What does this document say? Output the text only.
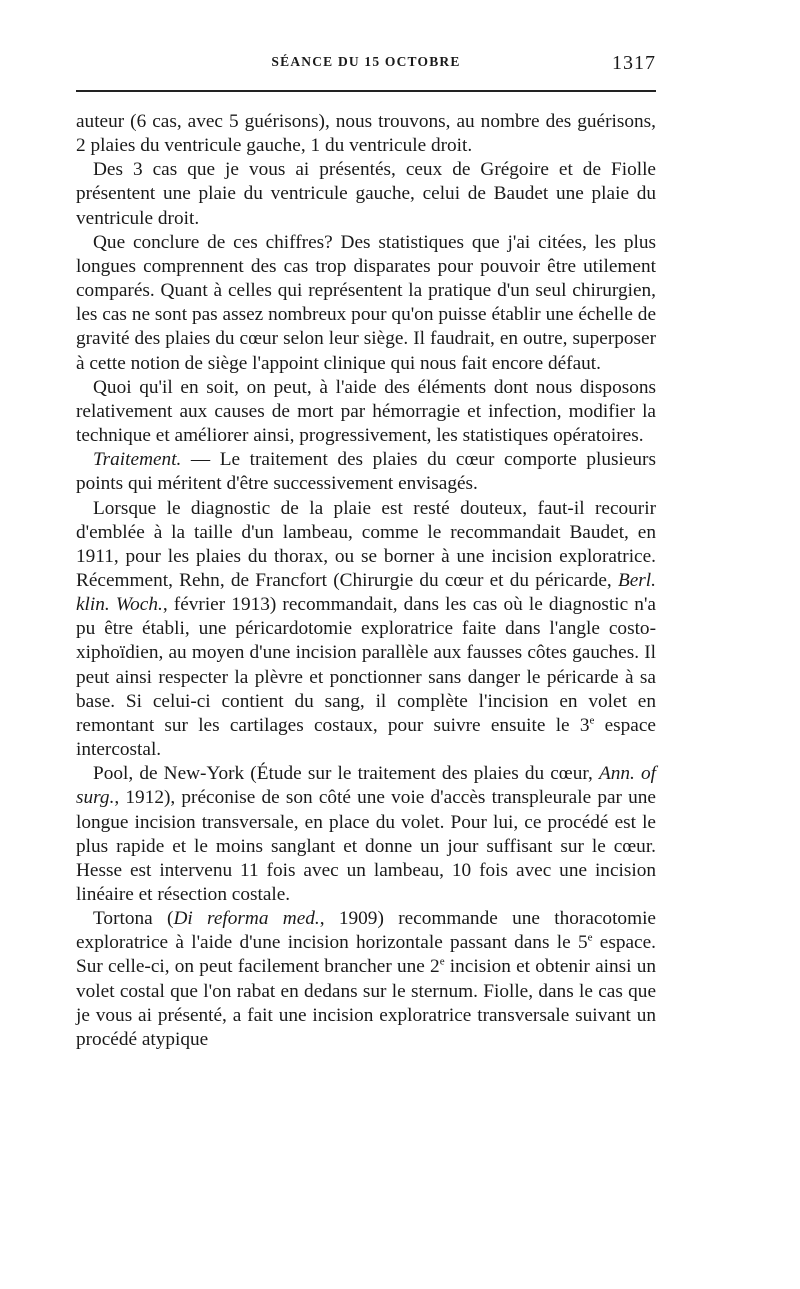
SÉANCE DU 15 OCTOBRE	1317

auteur (6 cas, avec 5 guérisons), nous trouvons, au nombre des guérisons, 2 plaies du ventricule gauche, 1 du ventricule droit.

Des 3 cas que je vous ai présentés, ceux de Grégoire et de Fiolle présentent une plaie du ventricule gauche, celui de Baudet une plaie du ventricule droit.

Que conclure de ces chiffres? Des statistiques que j'ai citées, les plus longues comprennent des cas trop disparates pour pouvoir être utilement comparés. Quant à celles qui représentent la pratique d'un seul chirurgien, les cas ne sont pas assez nombreux pour qu'on puisse établir une échelle de gravité des plaies du cœur selon leur siège. Il faudrait, en outre, superposer à cette notion de siège l'appoint clinique qui nous fait encore défaut.

Quoi qu'il en soit, on peut, à l'aide des éléments dont nous disposons relativement aux causes de mort par hémorragie et infection, modifier la technique et améliorer ainsi, progressivement, les statistiques opératoires.

Traitement. — Le traitement des plaies du cœur comporte plusieurs points qui méritent d'être successivement envisagés.

Lorsque le diagnostic de la plaie est resté douteux, faut-il recourir d'emblée à la taille d'un lambeau, comme le recommandait Baudet, en 1911, pour les plaies du thorax, ou se borner à une incision exploratrice. Récemment, Rehn, de Francfort (Chirurgie du cœur et du péricarde, Berl. klin. Woch., février 1913) recommandait, dans les cas où le diagnostic n'a pu être établi, une péricardotomie exploratrice faite dans l'angle costo-xiphoïdien, au moyen d'une incision parallèle aux fausses côtes gauches. Il peut ainsi respecter la plèvre et ponctionner sans danger le péricarde à sa base. Si celui-ci contient du sang, il complète l'incision en volet en remontant sur les cartilages costaux, pour suivre ensuite le 3e espace intercostal.

Pool, de New-York (Étude sur le traitement des plaies du cœur, Ann. of surg., 1912), préconise de son côté une voie d'accès transpleurale par une longue incision transversale, en place du volet. Pour lui, ce procédé est le plus rapide et le moins sanglant et donne un jour suffisant sur le cœur. Hesse est intervenu 11 fois avec un lambeau, 10 fois avec une incision linéaire et résection costale.

Tortona (Di reforma med., 1909) recommande une thoracotomie exploratrice à l'aide d'une incision horizontale passant dans le 5e espace. Sur celle-ci, on peut facilement brancher une 2e incision et obtenir ainsi un volet costal que l'on rabat en dedans sur le sternum. Fiolle, dans le cas que je vous ai présenté, a fait une incision exploratrice transversale suivant un procédé atypique
